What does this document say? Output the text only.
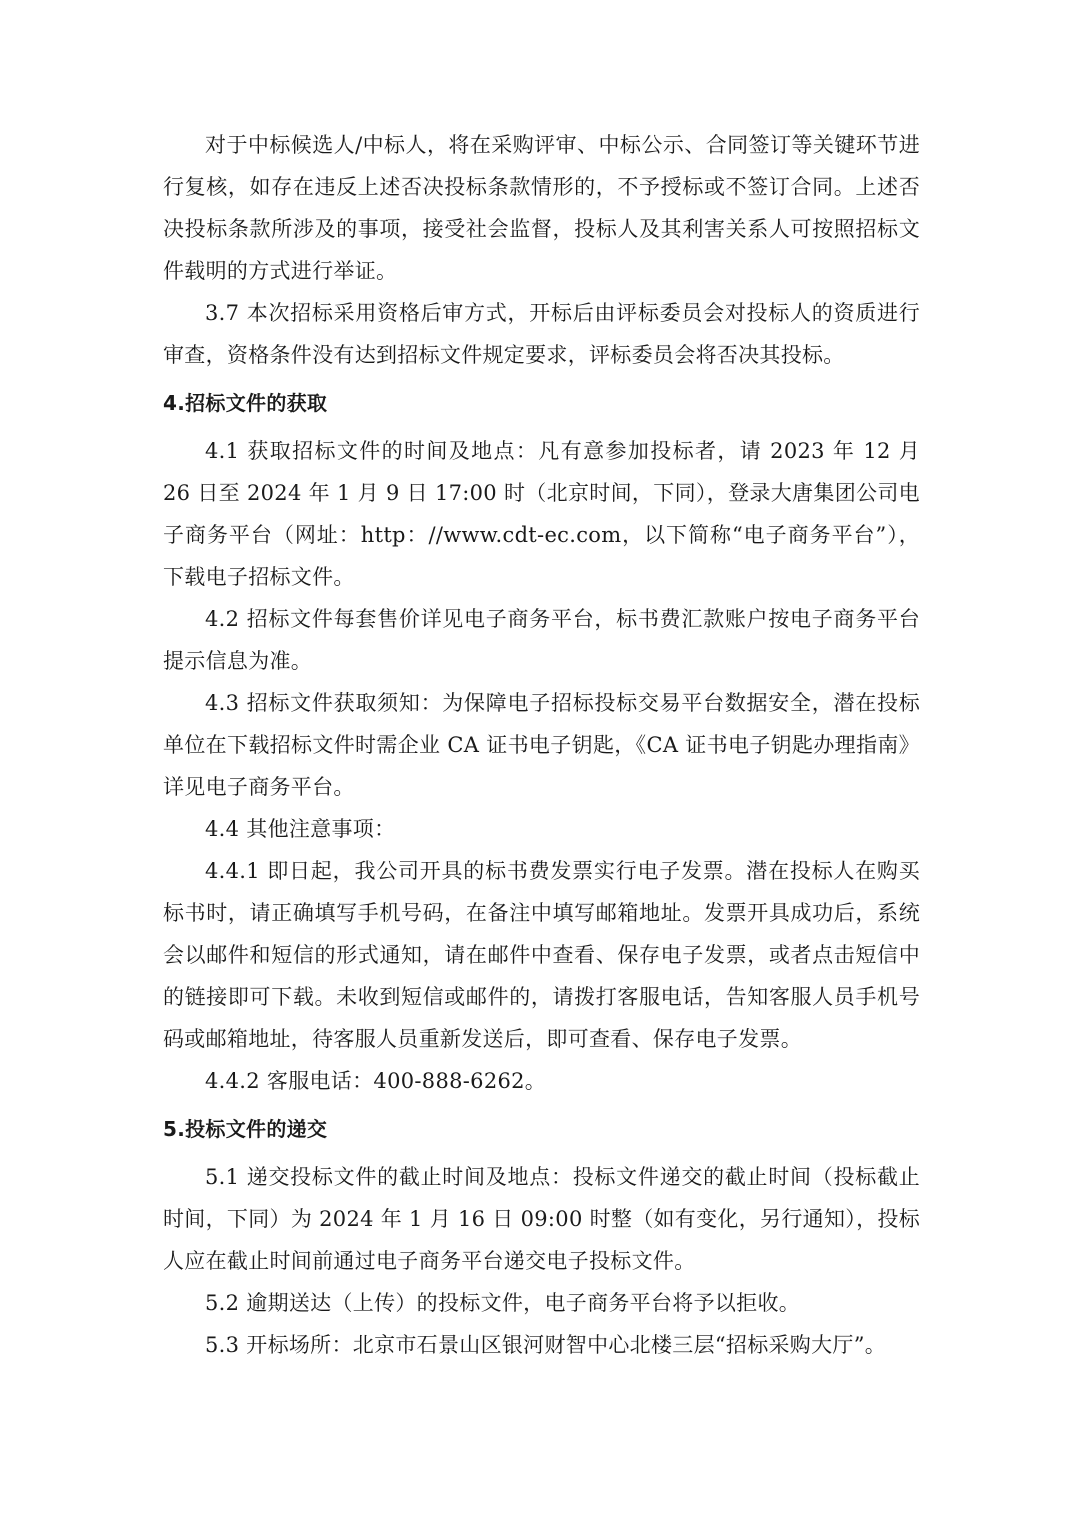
对于中标候选人/中标人，将在采购评审、中标公示、合同签订等关键环节进行复核，如存在违反上述否决投标条款情形的，不予授标或不签订合同。上述否决投标条款所涉及的事项，接受社会监督，投标人及其利害关系人可按照招标文件载明的方式进行举证。

3.7 本次招标采用资格后审方式，开标后由评标委员会对投标人的资质进行审查，资格条件没有达到招标文件规定要求，评标委员会将否决其投标。

4.招标文件的获取

4.1 获取招标文件的时间及地点：凡有意参加投标者，请 2023 年 12 月 26 日至 2024 年 1 月 9 日 17:00 时（北京时间，下同），登录大唐集团公司电子商务平台（网址：http：//www.cdt-ec.com，以下简称“电子商务平台”），下载电子招标文件。

4.2 招标文件每套售价详见电子商务平台，标书费汇款账户按电子商务平台提示信息为准。

4.3 招标文件获取须知：为保障电子招标投标交易平台数据安全，潜在投标单位在下载招标文件时需企业 CA 证书电子钥匙，《CA 证书电子钥匙办理指南》详见电子商务平台。

4.4 其他注意事项：

4.4.1 即日起，我公司开具的标书费发票实行电子发票。潜在投标人在购买标书时，请正确填写手机号码，在备注中填写邮箱地址。发票开具成功后，系统会以邮件和短信的形式通知，请在邮件中查看、保存电子发票，或者点击短信中的链接即可下载。未收到短信或邮件的，请拨打客服电话，告知客服人员手机号码或邮箱地址，待客服人员重新发送后，即可查看、保存电子发票。

4.4.2 客服电话：400-888-6262。

5.投标文件的递交

5.1 递交投标文件的截止时间及地点：投标文件递交的截止时间（投标截止时间，下同）为 2024 年 1 月 16 日 09:00 时整（如有变化，另行通知），投标人应在截止时间前通过电子商务平台递交电子投标文件。

5.2 逾期送达（上传）的投标文件，电子商务平台将予以拒收。

5.3 开标场所：北京市石景山区银河财智中心北楼三层“招标采购大厅”。
